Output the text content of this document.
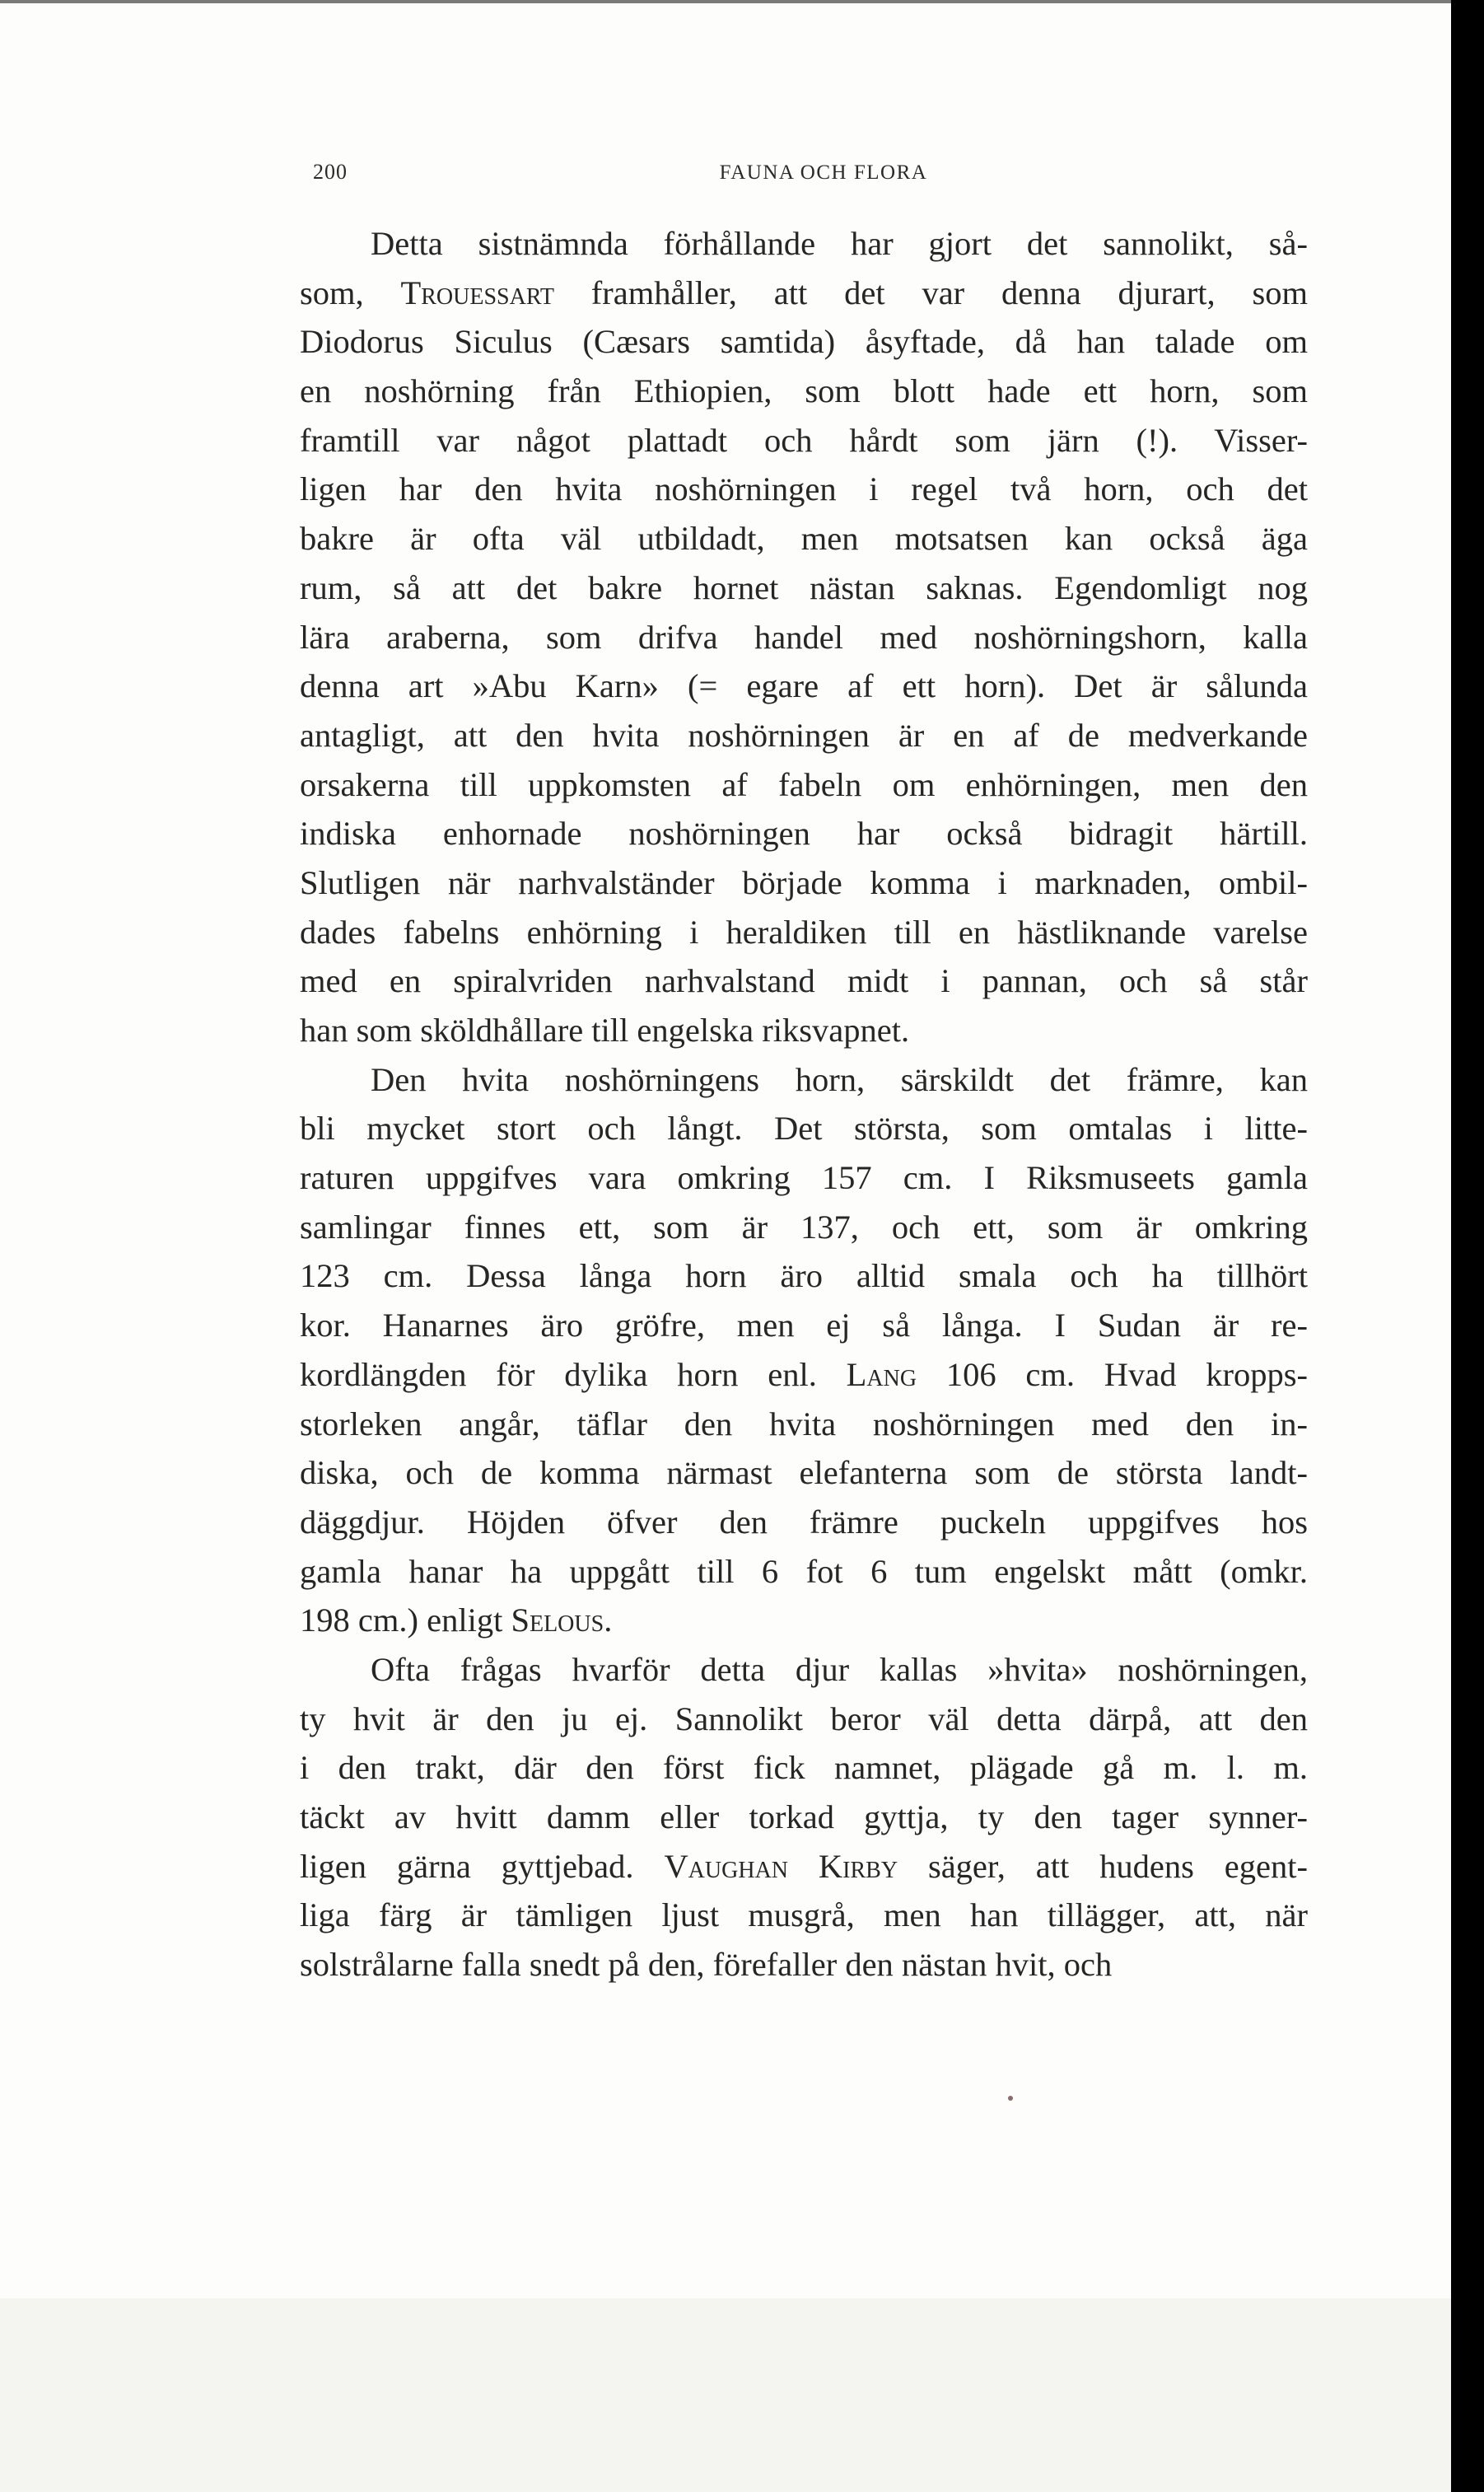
200	FAUNA OCH FLORA
Detta sistnämnda förhållande har gjort det sannolikt, så-
som, Trouessart framhåller, att det var denna djurart, som
Diodorus Siculus (Cæsars samtida) åsyftade, då han talade om
en noshörning från Ethiopien, som blott hade ett horn, som
framtill var något plattadt och hårdt som järn (!). Visser-
ligen har den hvita noshörningen i regel två horn, och det
bakre är ofta väl utbildadt, men motsatsen kan också äga
rum, så att det bakre hornet nästan saknas. Egendomligt nog
lära araberna, som drifva handel med noshörningshorn, kalla
denna art »Abu Karn» (= egare af ett horn). Det är sålunda
antagligt, att den hvita noshörningen är en af de medverkande
orsakerna till uppkomsten af fabeln om enhörningen, men den
indiska enhornade noshörningen har också bidragit härtill.
Slutligen när narhvalständer började komma i marknaden, ombil-
dades fabelns enhörning i heraldiken till en hästliknande varelse
med en spiralvriden narhvalstand midt i pannan, och så står
han som sköldhållare till engelska riksvapnet.
Den hvita noshörningens horn, särskildt det främre, kan
bli mycket stort och långt. Det största, som omtalas i litte-
raturen uppgifves vara omkring 157 cm. I Riksmuseets gamla
samlingar finnes ett, som är 137, och ett, som är omkring
123 cm. Dessa långa horn äro alltid smala och ha tillhört
kor. Hanarnes äro gröfre, men ej så långa. I Sudan är re-
kordlängden för dylika horn enl. Lang 106 cm. Hvad kropps-
storleken angår, täflar den hvita noshörningen med den in-
diska, och de komma närmast elefanterna som de största landt-
däggdjur. Höjden öfver den främre puckeln uppgifves hos
gamla hanar ha uppgått till 6 fot 6 tum engelskt mått (omkr.
198 cm.) enligt Selous.
Ofta frågas hvarför detta djur kallas »hvita» noshörningen,
ty hvit är den ju ej. Sannolikt beror väl detta därpå, att den
i den trakt, där den först fick namnet, plägade gå m. l. m.
täckt av hvitt damm eller torkad gyttja, ty den tager synner-
ligen gärna gyttjebad. Vaughan Kirby säger, att hudens egent-
liga färg är tämligen ljust musgrå, men han tillägger, att, när
solstrålarne falla snedt på den, förefaller den nästan hvit, och
